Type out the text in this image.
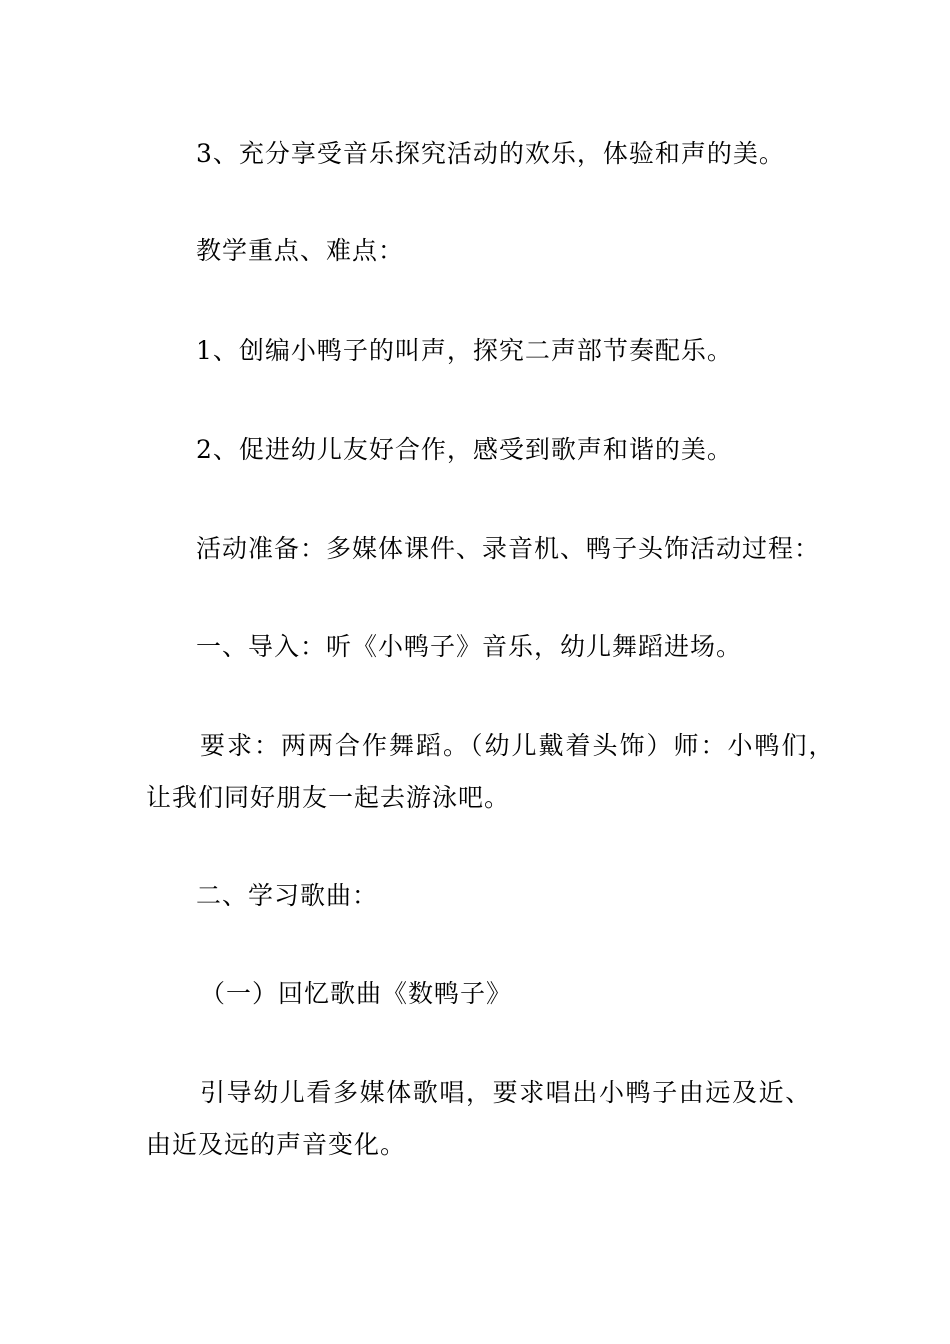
3、充分享受音乐探究活动的欢乐，体验和声的美。
教学重点、难点：
1、创编小鸭子的叫声，探究二声部节奏配乐。
2、促进幼儿友好合作，感受到歌声和谐的美。
活动准备：多媒体课件、录音机、鸭子头饰活动过程：
一、导入：听《小鸭子》音乐，幼儿舞蹈进场。
要求：两两合作舞蹈。（幼儿戴着头饰）师：小鸭们，
让我们同好朋友一起去游泳吧。
二、学习歌曲：
（一）回忆歌曲《数鸭子》
引导幼儿看多媒体歌唱，要求唱出小鸭子由远及近、
由近及远的声音变化。
